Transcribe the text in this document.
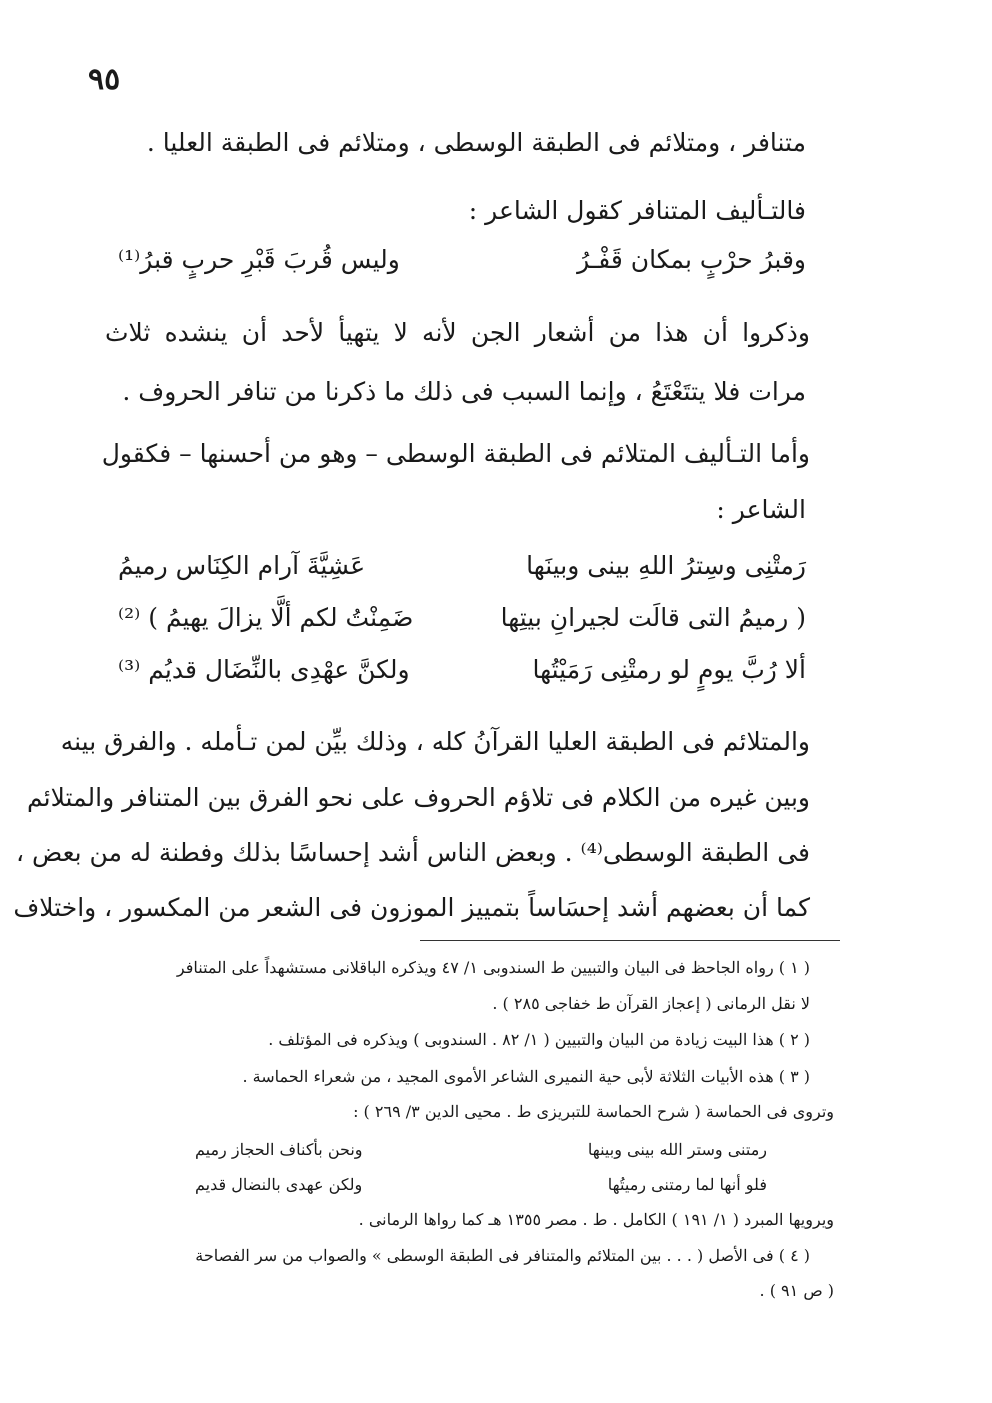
٩٥
متنافر ، ومتلائم فى الطبقة الوسطى ، ومتلائم فى الطبقة العليا .
فالتـأليف المتنافر كقول الشاعر :
وقبرُ حرْبٍ بمكان قَفْـرُ
وليس قُربَ قَبْرِ حربٍ قبرُ⁽¹⁾
وذكروا أن هذا من أشعار الجن لأنه لا يتهيأ لأحد أن ينشده ثلاث
مرات فلا يتتَعْتَعُ ، وإنما السبب فى ذلك ما ذكرنا من تنافر الحروف .
وأما التـأليف المتلائم فى الطبقة الوسطى – وهو من أحسنها – فكقول
الشاعر :
رَمتْنِى وسِترُ اللهِ بينى وبينَها
عَشِيَّةَ آرام الكِنَاس رميمُ
( رميمُ التى قالَت لجيرانِ بيتِها
ضَمِنْتُ لكم ألَّا يزالَ يهيمُ ) ⁽²⁾
ألا رُبَّ يومٍ لو رمتْنِى رَمَيْتُها
ولكنَّ عهْدِى بالنِّضَال قديُم ⁽³⁾
والمتلائم فى الطبقة العليا القرآنُ كله ، وذلك بيِّن لمن تـأمله . والفرق بينه
وبين غيره من الكلام فى تلاؤم الحروف على نحو الفرق بين المتنافر والمتلائم
فى الطبقة الوسطى⁽⁴⁾ . وبعض الناس أشد إحساسًا بذلك وفطنة له من بعض ،
كما أن بعضهم أشد إحسَاساً بتمييز الموزون فى الشعر من المكسور ، واختلاف
( ١ ) رواه الجاحظ فى البيان والتبيين ط السندوبى ١/ ٤٧ ويذكره الباقلانى مستشهداً على المتنافر
لا نقل الرمانى ( إعجاز القرآن ط خفاجى ٢٨٥ ) .
( ٢ ) هذا البيت زيادة من البيان والتبيين ( ١/ ٨٢ . السندوبى ) ويذكره فى المؤتلف .
( ٣ ) هذه الأبيات الثلاثة لأبى حية النميرى الشاعر الأموى المجيد ، من شعراء الحماسة .
وتروى فى الحماسة ( شرح الحماسة للتبريزى ط . محيى الدين ٣/ ٢٦٩ ) :
رمتنى وستر الله بينى وبينها
ونحن بأكناف الحجاز رميم
فلو أنها لما رمتنى رميتُها
ولكن عهدى بالنضال قديم
ويرويها المبرد ( ١/ ١٩١ ) الكامل . ط . مصر ١٣٥٥ هـ كما رواها الرمانى .
( ٤ ) فى الأصل ( . . . بين المتلائم والمتنافر فى الطبقة الوسطى » والصواب من سر الفصاحة
( ص ٩١ ) .
